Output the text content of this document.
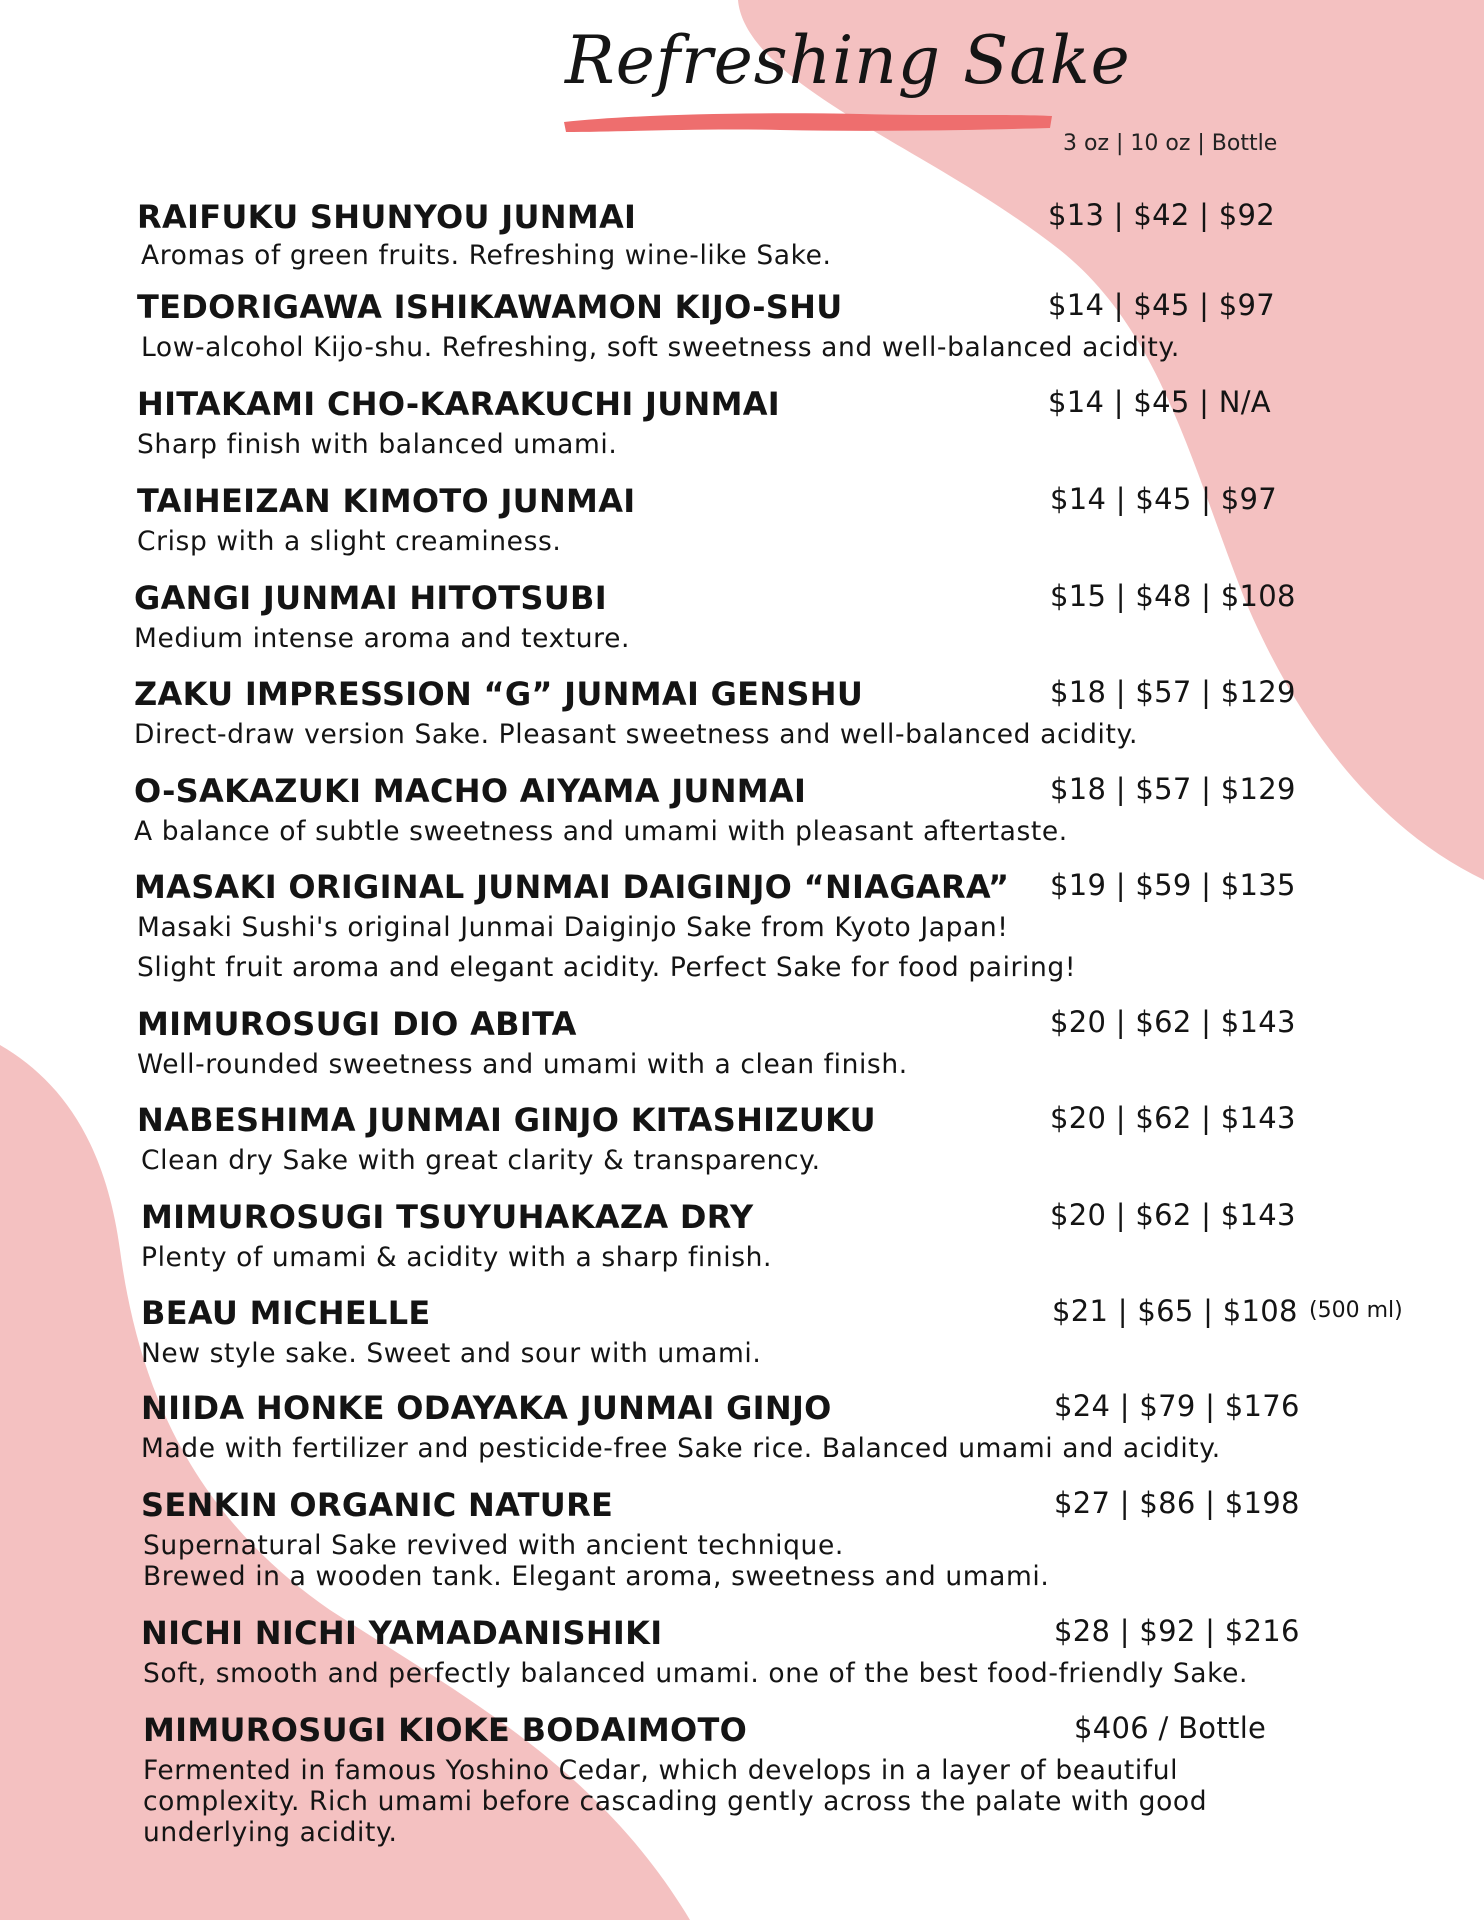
Refreshing Sake
3 oz | 10 oz | Bottle
RAIFUKU SHUNYOU JUNMAI	$13 | $42 | $92
Aromas of green fruits. Refreshing wine-like Sake.
TEDORIGAWA ISHIKAWAMON KIJO-SHU	$14 | $45 | $97
Low-alcohol Kijo-shu. Refreshing, soft sweetness and well-balanced acidity.
HITAKAMI CHO-KARAKUCHI JUNMAI	$14 | $45 | N/A
Sharp finish with balanced umami.
TAIHEIZAN KIMOTO JUNMAI	$14 | $45 | $97
Crisp with a slight creaminess.
GANGI JUNMAI HITOTSUBI	$15 | $48 | $108
Medium intense aroma and texture.
ZAKU IMPRESSION “G” JUNMAI GENSHU	$18 | $57 | $129
Direct-draw version Sake. Pleasant sweetness and well-balanced acidity.
O-SAKAZUKI MACHO AIYAMA JUNMAI	$18 | $57 | $129
A balance of subtle sweetness and umami with pleasant aftertaste.
MASAKI ORIGINAL JUNMAI DAIGINJO “NIAGARA” $19 | $59 | $135
Masaki Sushi's original Junmai Daiginjo Sake from Kyoto Japan!
Slight fruit aroma and elegant acidity. Perfect Sake for food pairing!
MIMUROSUGI DIO ABITA	$20 | $62 | $143
Well-rounded sweetness and umami with a clean finish.
NABESHIMA JUNMAI GINJO KITASHIZUKU	$20 | $62 | $143
Clean dry Sake with great clarity & transparency.
MIMUROSUGI TSUYUHAKAZA DRY	$20 | $62 | $143
Plenty of umami & acidity with a sharp finish.
BEAU MICHELLE	$21 | $65 | $108 (500 ml)
New style sake. Sweet and sour with umami.
NIIDA HONKE ODAYAKA JUNMAI GINJO	$24 | $79 | $176
Made with fertilizer and pesticide-free Sake rice. Balanced umami and acidity.
SENKIN ORGANIC NATURE	$27 | $86 | $198
Supernatural Sake revived with ancient technique.
Brewed in a wooden tank. Elegant aroma, sweetness and umami.
NICHI NICHI YAMADANISHIKI	$28 | $92 | $216
Soft, smooth and perfectly balanced umami. one of the best food-friendly Sake.
MIMUROSUGI KIOKE BODAIMOTO	$406 / Bottle
Fermented in famous Yoshino Cedar, which develops in a layer of beautiful
complexity. Rich umami before cascading gently across the palate with good
underlying acidity.
